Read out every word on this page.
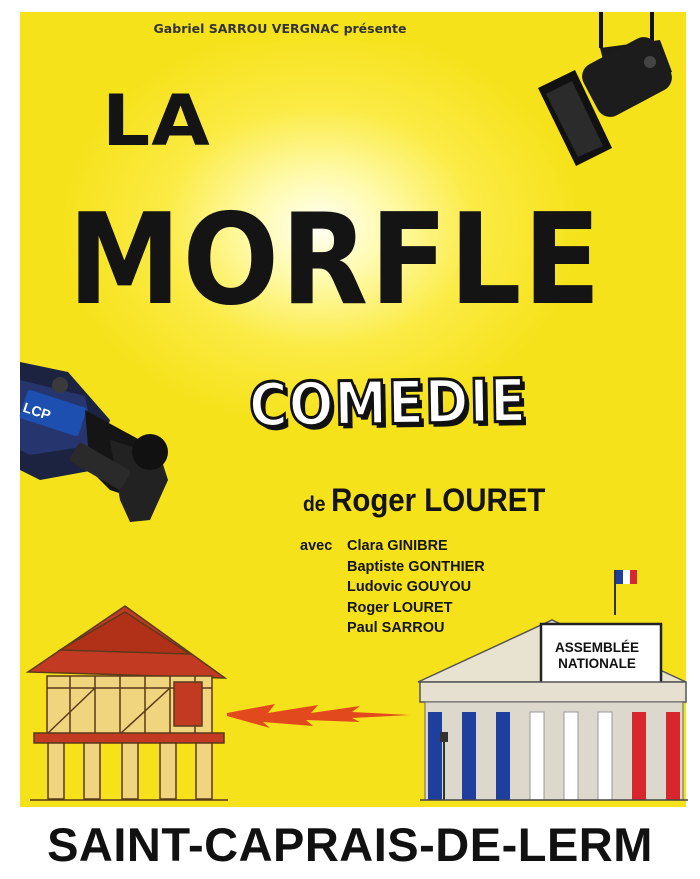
Gabriel SARROU VERGNAC présente
LA
MORFLE
COMEDIE
de Roger LOURET
avec Clara GINIBRE
Baptiste GONTHIER
Ludovic GOUYOU
Roger LOURET
Paul SARROU
ASSEMBLÉE
NATIONALE
LCP
SAINT-CAPRAIS-DE-LERM
